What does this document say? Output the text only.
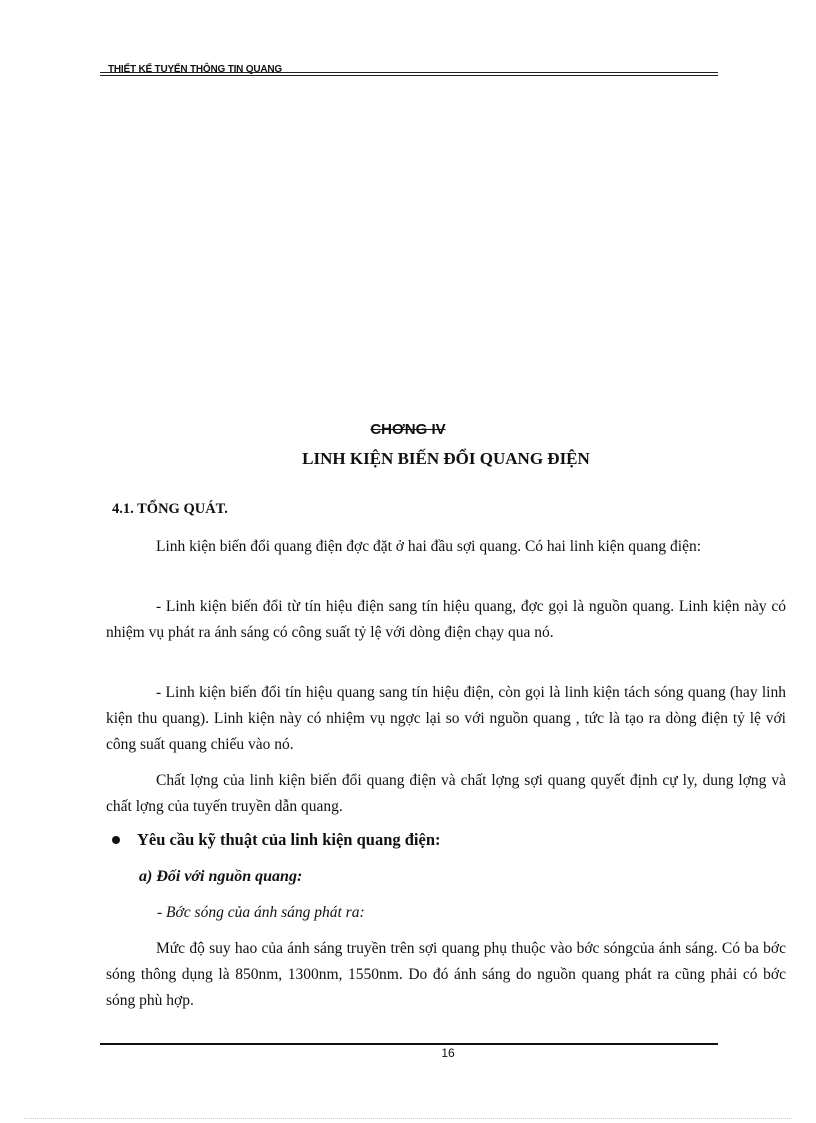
THIẾT KẾ TUYẾN THÔNG TIN QUANG
CHƠNG IV
LINH KIỆN BIẾN ĐỔI QUANG ĐIỆN
4.1. TỔNG QUÁT.

Linh kiện biến đổi quang điện đợc đặt ở hai đầu sợi quang. Có hai linh kiện quang điện:

- Linh kiện biến đổi từ tín hiệu điện sang tín hiệu quang, đợc gọi là nguồn quang. Linh kiện này có nhiệm vụ phát ra ánh sáng có công suất tỷ lệ với dòng điện chạy qua nó.

- Linh kiện biến đổi tín hiệu quang sang tín hiệu điện, còn gọi là linh kiện tách sóng quang (hay linh kiện thu quang). Linh kiện này có nhiệm vụ ngợc lại so với nguồn quang , tức là tạo ra dòng điện tỷ lệ với công suất quang chiếu vào nó.

Chất lợng của linh kiện biến đổi quang điện và chất lợng sợi quang quyết định cự ly, dung lợng và chất lợng của tuyến truyền dẫn quang.

Yêu cầu kỹ thuật của linh kiện quang điện:
a) Đối với nguồn quang:
- Bớc sóng của ánh sáng phát ra:

Mức độ suy hao của ánh sáng truyền trên sợi quang phụ thuộc vào bớc sóngcủa ánh sáng. Có ba bớc sóng thông dụng là 850nm, 1300nm, 1550nm. Do đó ánh sáng do nguồn quang phát ra cũng phải có bớc sóng phù hợp.

16
